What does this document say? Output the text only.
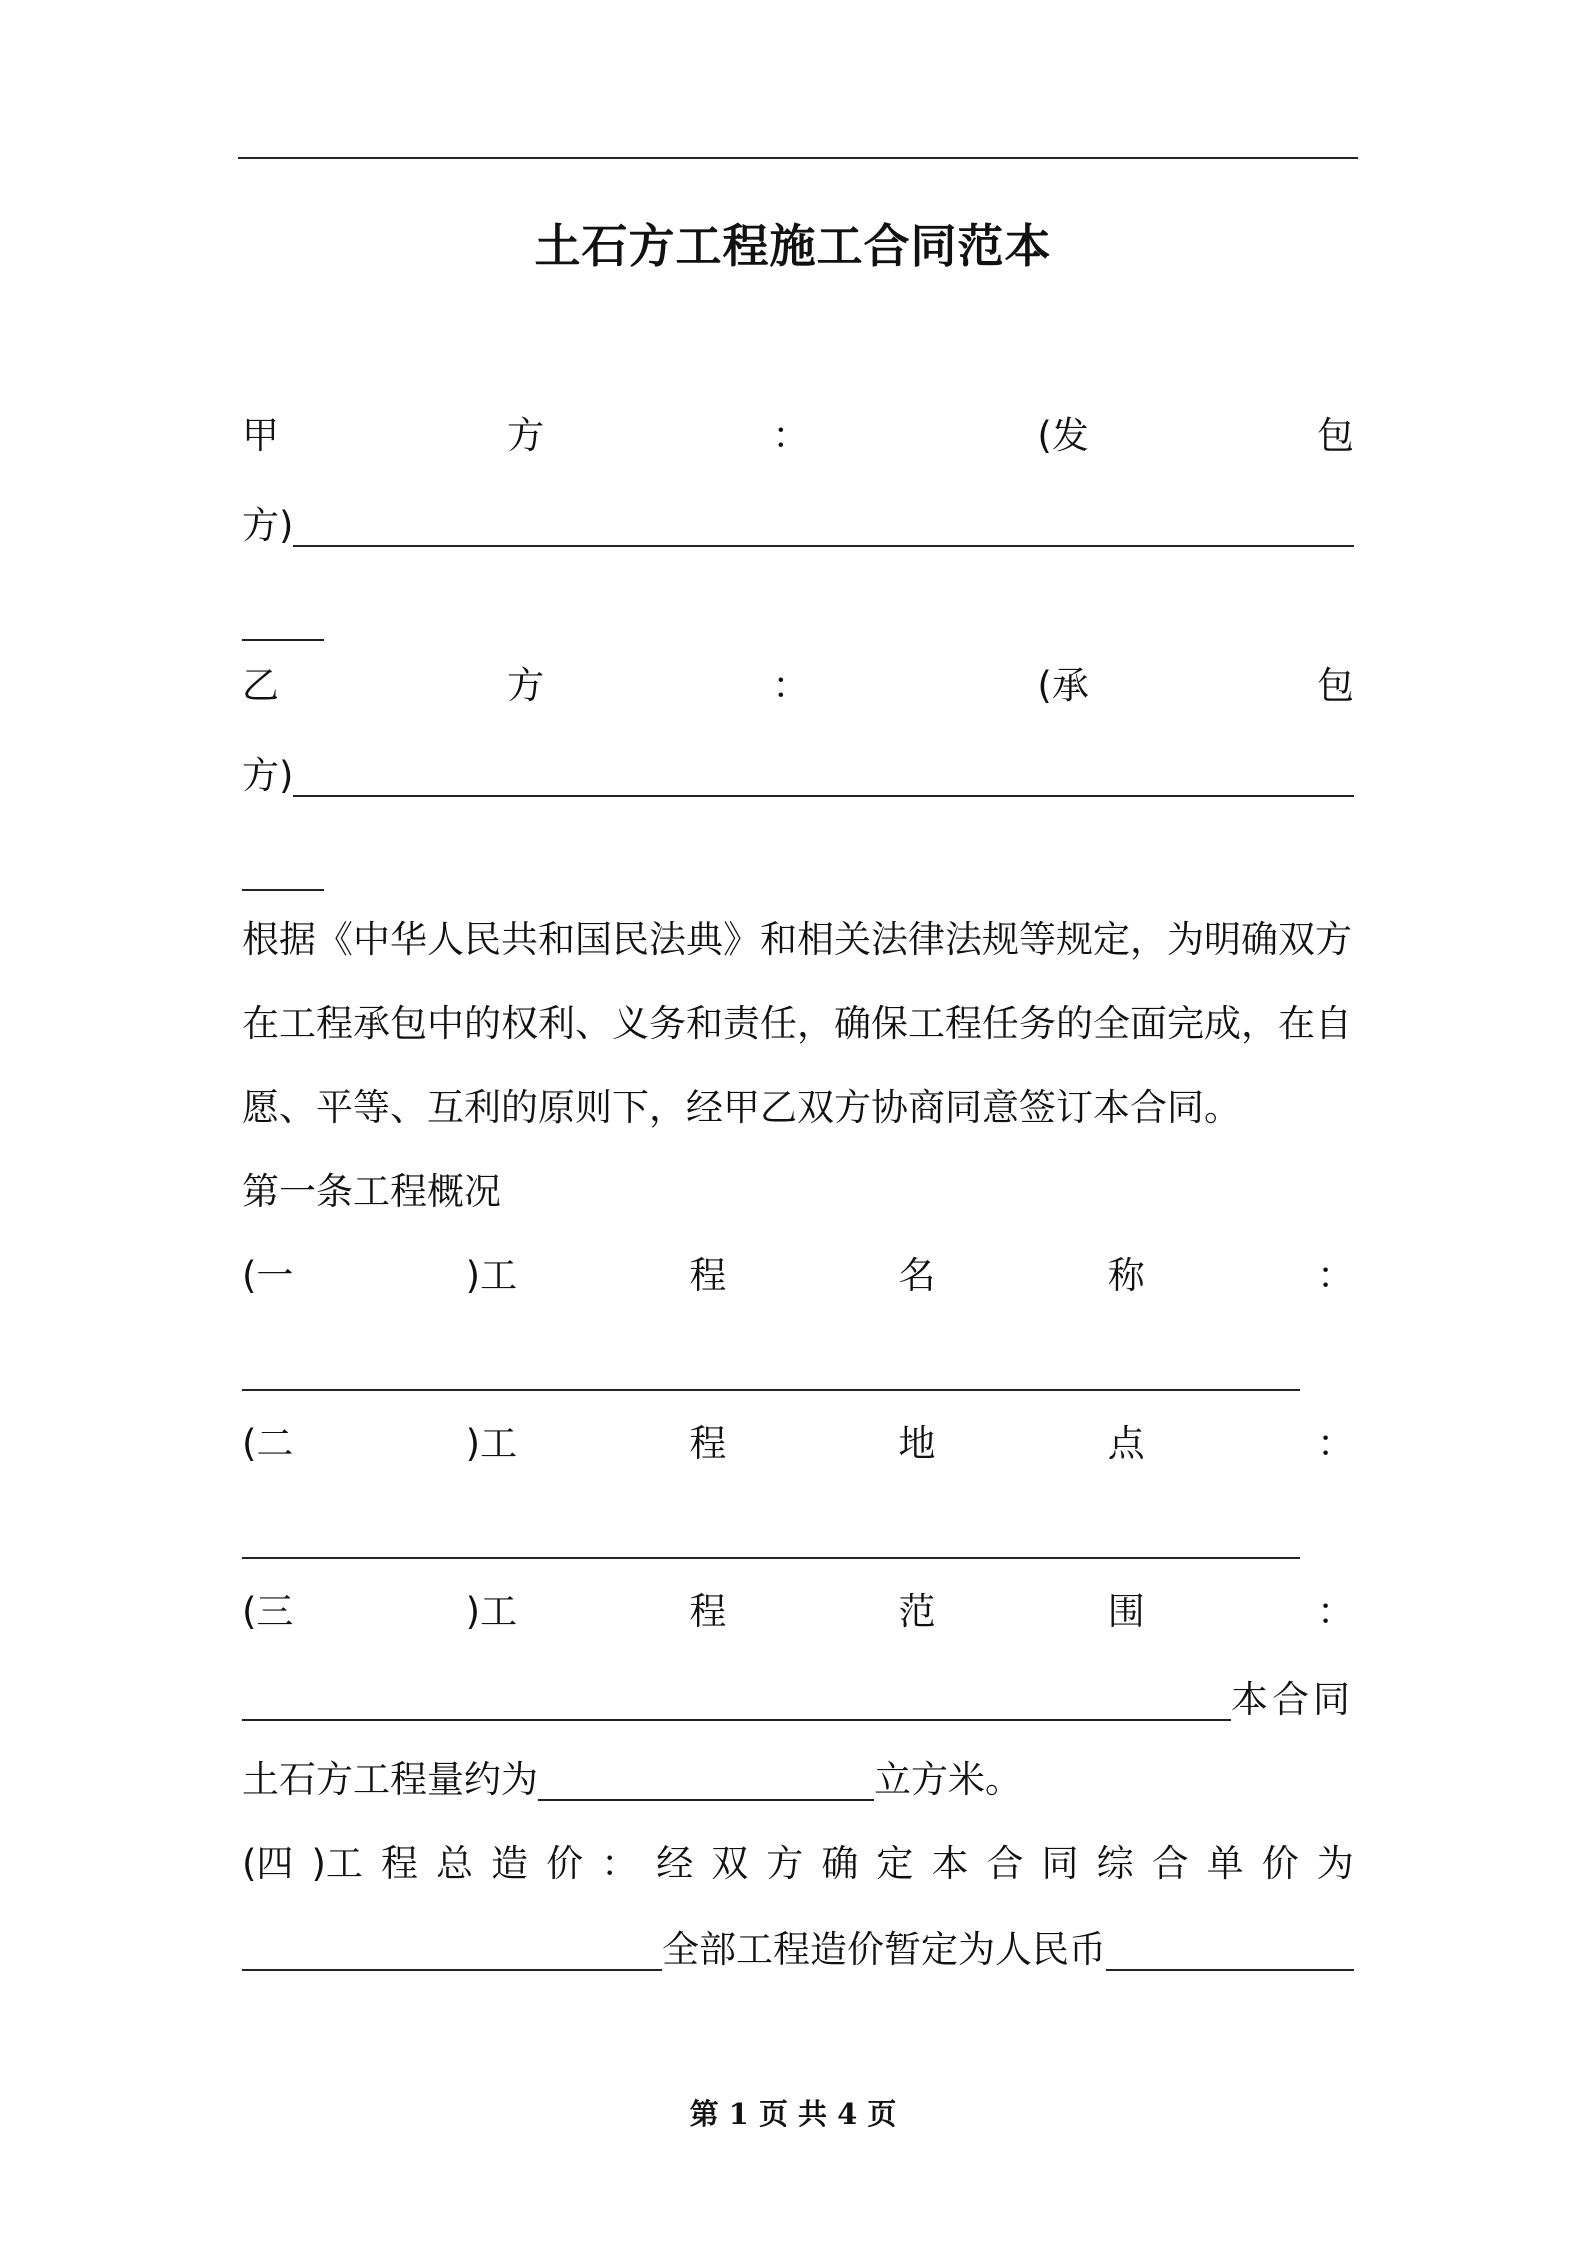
土石方工程施工合同范本
甲	方	：	(发	包
方)
乙	方	：	(承	包
方)
根据《中华人民共和国民法典》和相关法律法规等规定，为明确双方
在工程承包中的权利、义务和责任，确保工程任务的全面完成，在自
愿、平等、互利的原则下，经甲乙双方协商同意签订本合同。
第一条工程概况
(一	)工	程	名	称	：
(二	)工	程	地	点	：
(三	)工	程	范	围	：
本合同
土石方工程量约为	立方米。
(四 )工 程 总 造 价 ： 经 双 方 确 定 本 合 同 综 合 单 价 为
全部工程造价暂定为人民币
第 1 页 共 4 页
